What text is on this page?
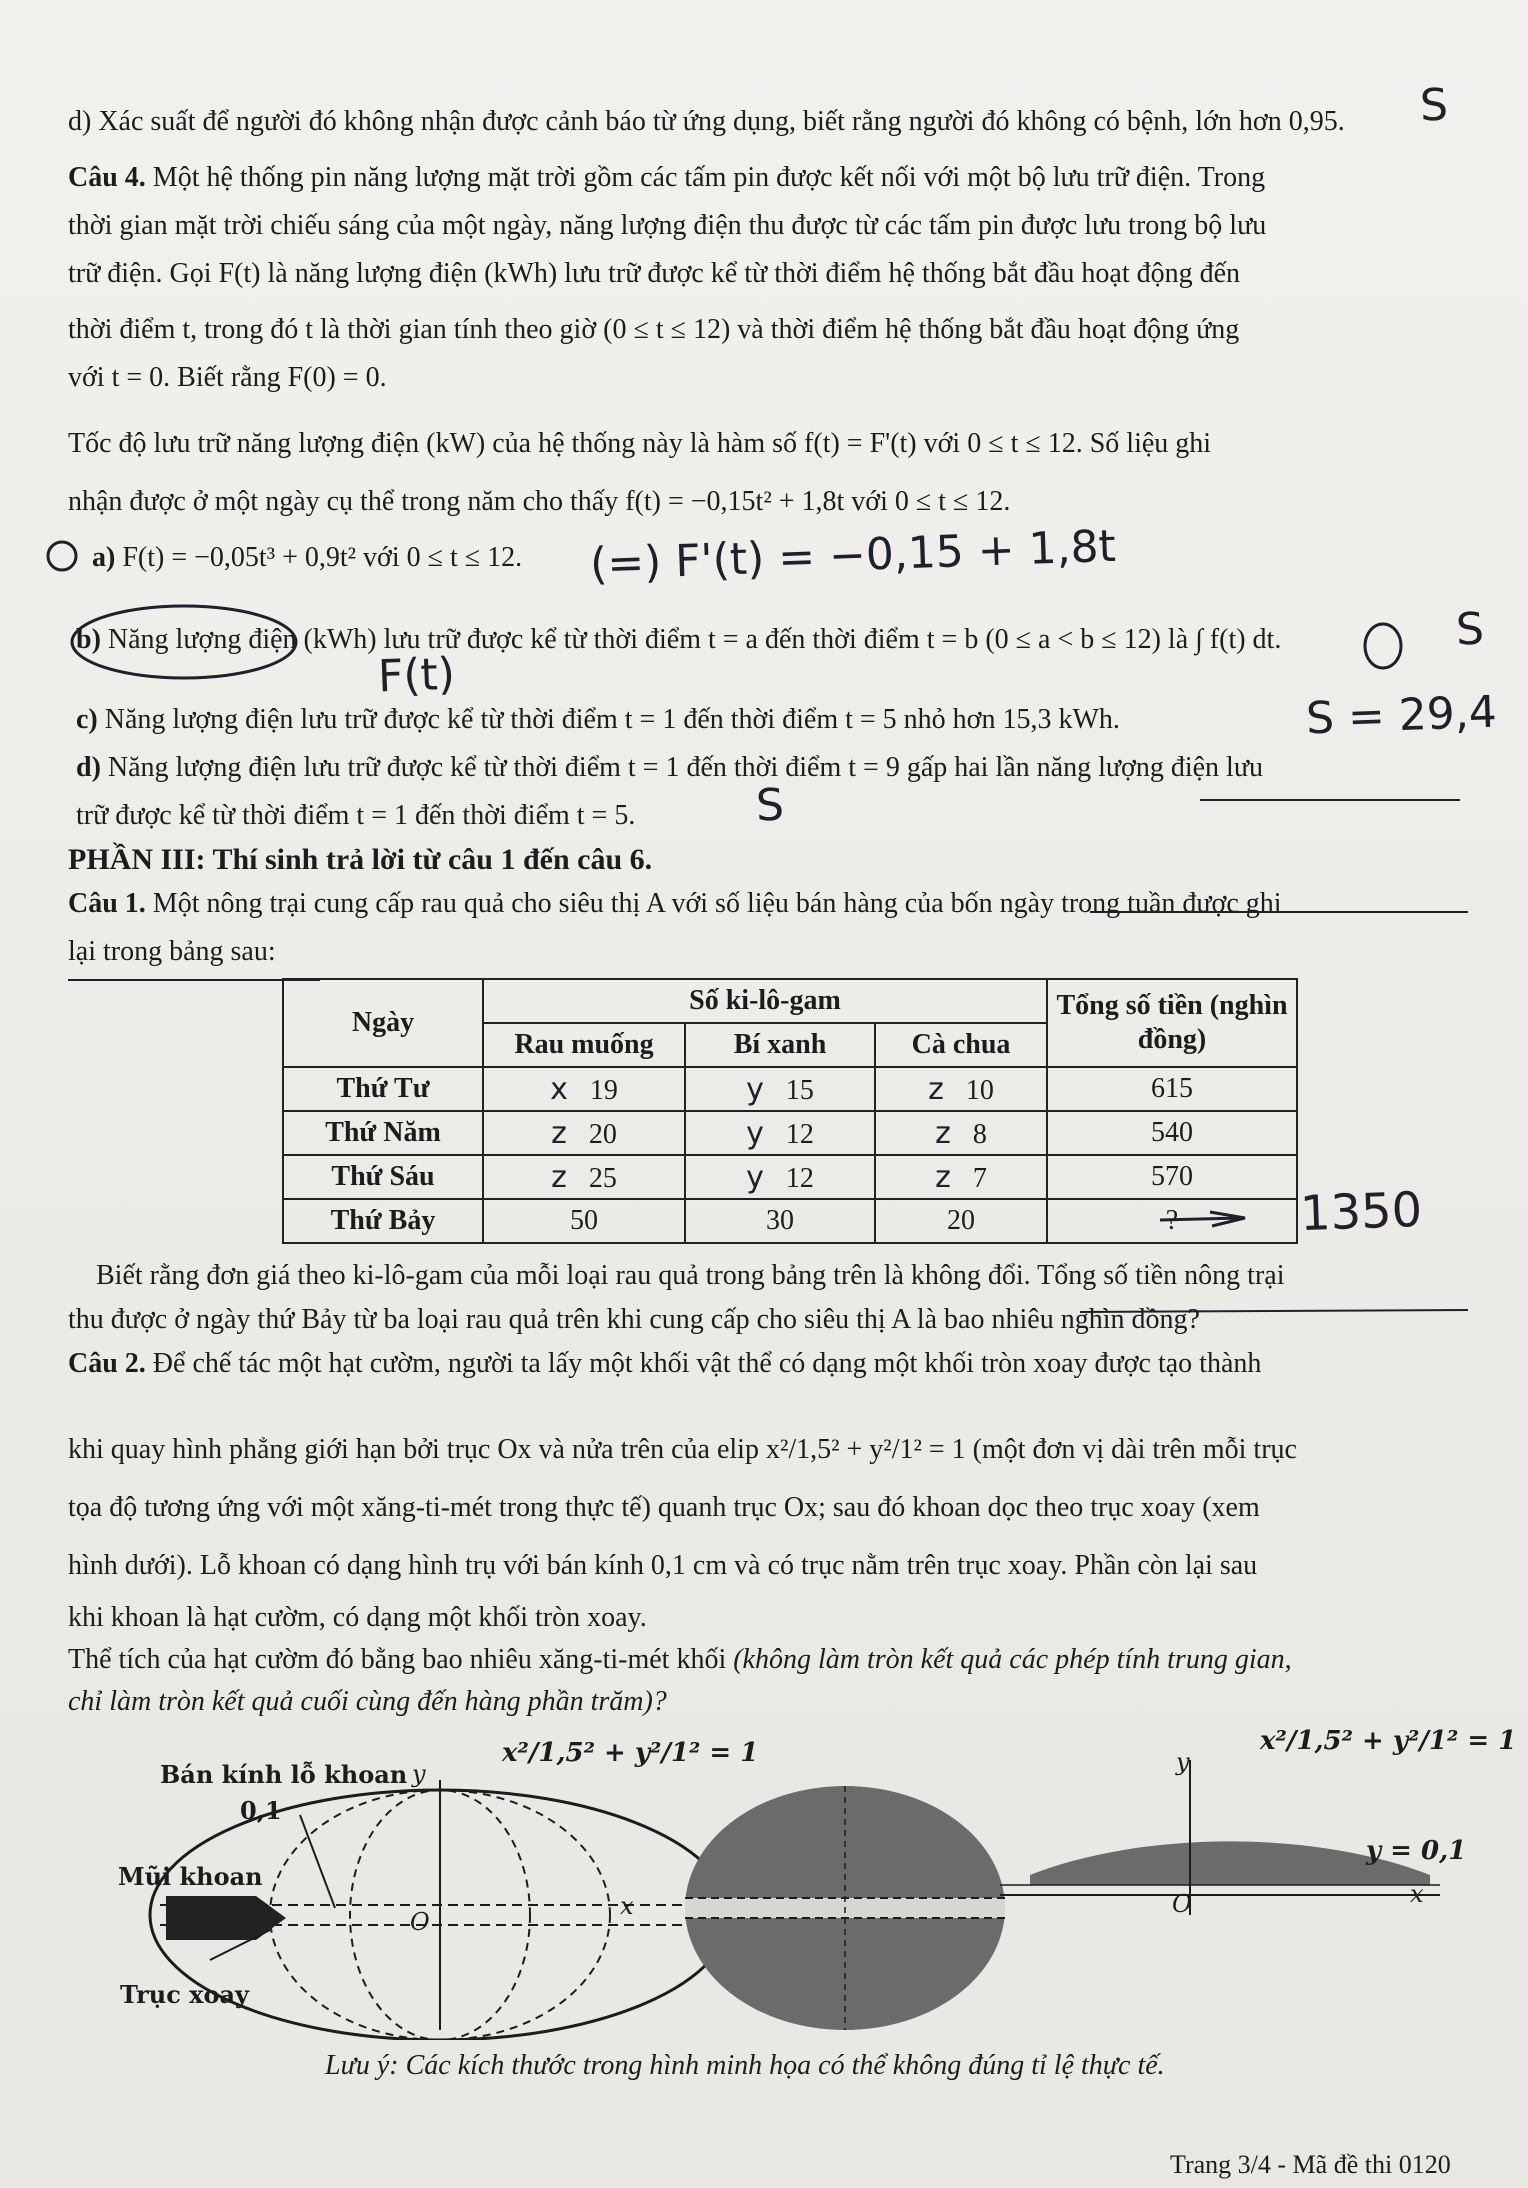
d) Xác suất để người đó không nhận được cảnh báo từ ứng dụng, biết rằng người đó không có bệnh, lớn hơn 0,95.
Câu 4. Một hệ thống pin năng lượng mặt trời gồm các tấm pin được kết nối với một bộ lưu trữ điện. Trong
thời gian mặt trời chiếu sáng của một ngày, năng lượng điện thu được từ các tấm pin được lưu trong bộ lưu
trữ điện. Gọi F(t) là năng lượng điện (kWh) lưu trữ được kể từ thời điểm hệ thống bắt đầu hoạt động đến
thời điểm t, trong đó t là thời gian tính theo giờ (0 ≤ t ≤ 12) và thời điểm hệ thống bắt đầu hoạt động ứng
với t = 0. Biết rằng F(0) = 0.
Tốc độ lưu trữ năng lượng điện (kW) của hệ thống này là hàm số f(t) = F'(t) với 0 ≤ t ≤ 12. Số liệu ghi
nhận được ở một ngày cụ thể trong năm cho thấy f(t) = −0,15t² + 1,8t với 0 ≤ t ≤ 12.
a) F(t) = −0,05t³ + 0,9t² với 0 ≤ t ≤ 12.
b) Năng lượng điện (kWh) lưu trữ được kể từ thời điểm t = a đến thời điểm t = b (0 ≤ a < b ≤ 12) là ∫ f(t) dt.
c) Năng lượng điện lưu trữ được kể từ thời điểm t = 1 đến thời điểm t = 5 nhỏ hơn 15,3 kWh.
d) Năng lượng điện lưu trữ được kể từ thời điểm t = 1 đến thời điểm t = 9 gấp hai lần năng lượng điện lưu
trữ được kể từ thời điểm t = 1 đến thời điểm t = 5.
PHẦN III: Thí sinh trả lời từ câu 1 đến câu 6.
Câu 1. Một nông trại cung cấp rau quả cho siêu thị A với số liệu bán hàng của bốn ngày trong tuần được ghi
lại trong bảng sau:
S
(=) F'(t) = −0,15 + 1,8t
F(t)
S
S = 29,4
S
1350
Ngày	Số ki-lô-gam			Tổng số tiền (nghìn đồng)
	Rau muống	Bí xanh	Cà chua	
Thứ Tư	x 19	y 15	z 10	615
Thứ Năm	z 20	y 12	z 8	540
Thứ Sáu	z 25	y 12	z 7	570
Thứ Bảy	50	30	20	?
Biết rằng đơn giá theo ki-lô-gam của mỗi loại rau quả trong bảng trên là không đổi. Tổng số tiền nông trại
thu được ở ngày thứ Bảy từ ba loại rau quả trên khi cung cấp cho siêu thị A là bao nhiêu nghìn đồng?
Câu 2. Để chế tác một hạt cườm, người ta lấy một khối vật thể có dạng một khối tròn xoay được tạo thành
khi quay hình phẳng giới hạn bởi trục Ox và nửa trên của elip x²/1,5² + y²/1² = 1 (một đơn vị dài trên mỗi trục
tọa độ tương ứng với một xăng-ti-mét trong thực tế) quanh trục Ox; sau đó khoan dọc theo trục xoay (xem
hình dưới). Lỗ khoan có dạng hình trụ với bán kính 0,1 cm và có trục nằm trên trục xoay. Phần còn lại sau
khi khoan là hạt cườm, có dạng một khối tròn xoay.
Thể tích của hạt cườm đó bằng bao nhiêu xăng-ti-mét khối (không làm tròn kết quả các phép tính trung gian,
chỉ làm tròn kết quả cuối cùng đến hàng phần trăm)?
Bán kính lỗ khoan
0,1
Mũi khoan
Trục xoay
y
O
x
x²/1,5² + y²/1² = 1	x²/1,5² + y²/1² = 1
y
y = 0,1
O	x
Lưu ý: Các kích thước trong hình minh họa có thể không đúng tỉ lệ thực tế.
Trang 3/4 - Mã đề thi 0120
